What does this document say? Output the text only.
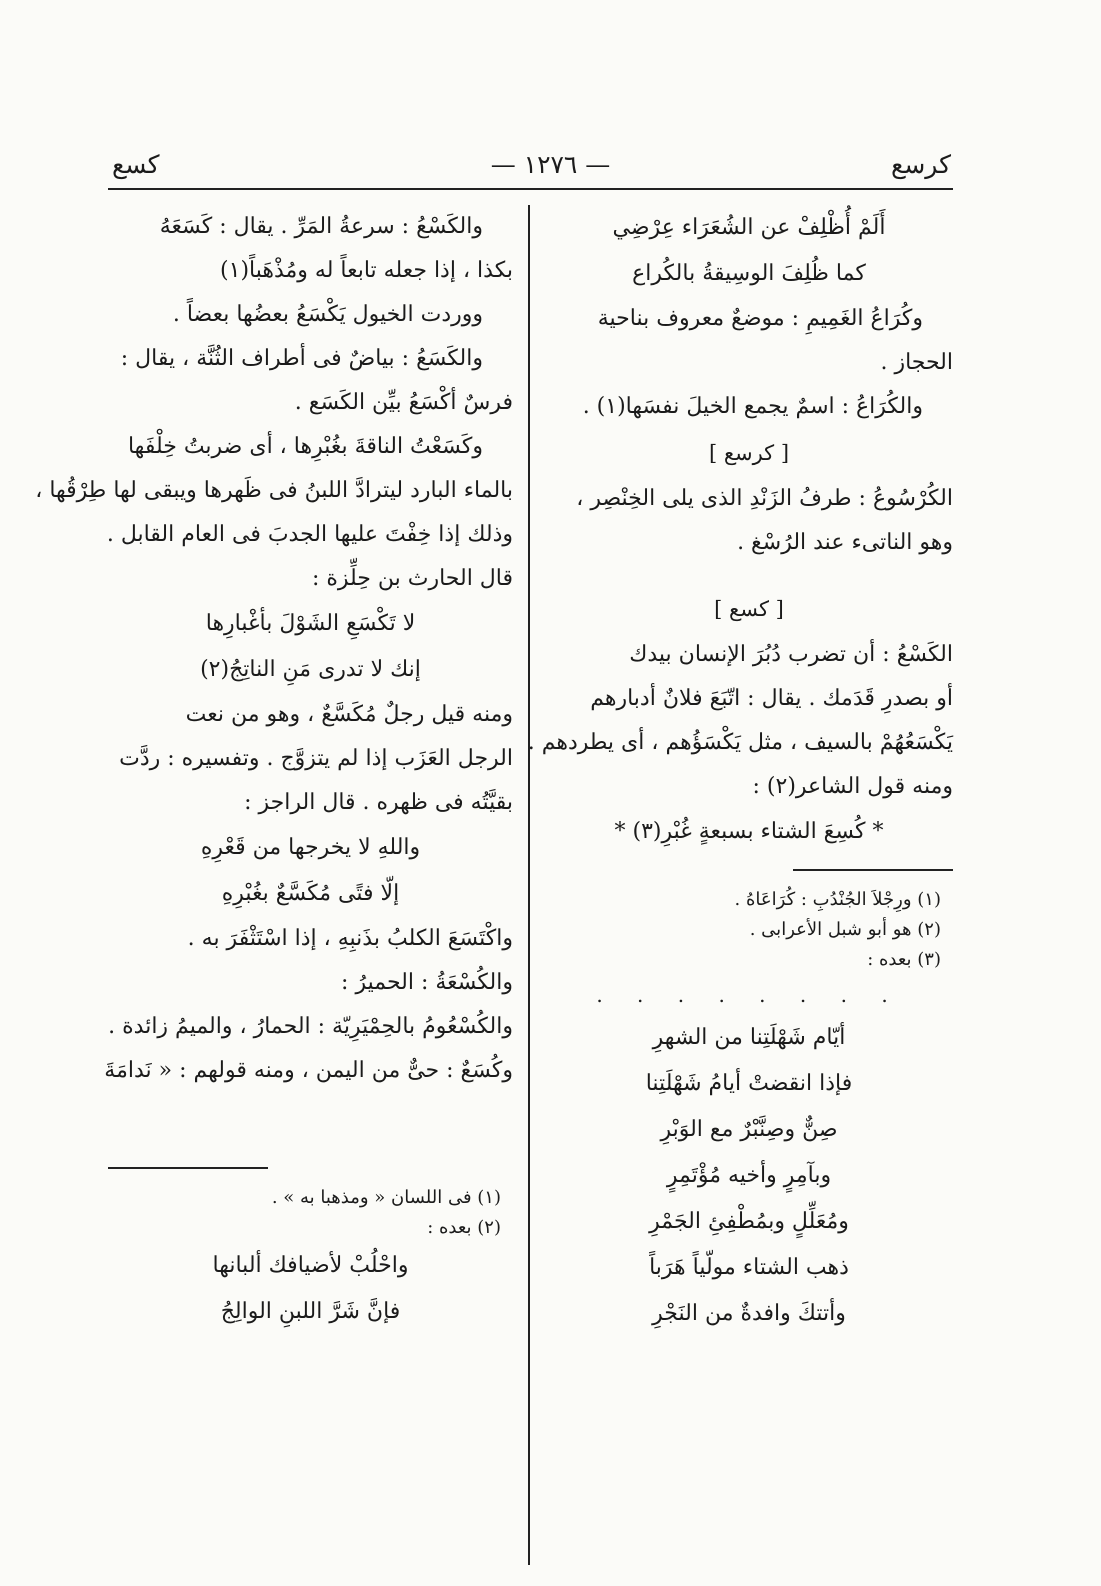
كرسع
— ١٢٧٦ —
كسع
أَلَمْ أُظْلِفْ عن الشُعَرَاء عِرْضِي
كما ظُلِفَ الوسِيقةُ بالكُراع
وكُرَاعُ الغَمِيمِ : موضعٌ معروف بناحية
الحجاز .
والكُرَاعُ : اسمٌ يجمع الخيلَ نفسَها(١) .
[ كرسع ]
الكُرْسُوعُ : طرفُ الزَنْدِ الذى يلى الخِنْصِر ،
وهو الناتىء عند الرُسْغ .
[ كسع ]
الكَسْعُ : أن تضرب دُبُرَ الإنسان بيدك
أو بصدرِ قَدَمك . يقال : اتّبَعَ فلانٌ أدبارهم
يَكْسَعُهُمْ بالسيف ، مثل يَكْسَؤُهم ، أى يطردهم .
ومنه قول الشاعر(٢) :
* كُسِعَ الشتاء بسبعةٍ غُبْرِ(٣) *
(١) ورِجْلاَ الجُنْدُبِ : كُرَاعَاهُ .
(٢) هو أبو شبل الأعرابى .
(٣) بعده :
. . . . . . . .
أيّام شَهْلَتِنا من الشهرِ
فإذا انقضتْ أيامُ شَهْلَتِنا
صِنٌّ وصِنَّبْرٌ مع الوَبْرِ
وبآمِرٍ وأخيه مُؤْتَمِرٍ
ومُعَلِّلٍ وبمُطْفِئِ الجَمْرِ
ذهب الشتاء مولّياً هَرَباً
وأتتكَ وافدةٌ من النَجْرِ
والكَسْعُ : سرعةُ المَرِّ . يقال : كَسَعَهُ
بكذا ، إذا جعله تابعاً له ومُذْهَباً(١)
ووردت الخيول يَكْسَعُ بعضُها بعضاً .
والكَسَعُ : بياضٌ فى أطراف الثُنَّة ، يقال :
فرسٌ أكْسَعُ بيِّن الكَسَع .
وكَسَعْتُ الناقةَ بغُبْرِها ، أى ضربتُ خِلْفَها
بالماء البارد ليترادَّ اللبنُ فى ظَهرها ويبقى لها طِرْقُها ،
وذلك إذا خِفْتَ عليها الجدبَ فى العام القابل .
قال الحارث بن حِلِّزة :
لا تَكْسَعِ الشَوْلَ بأغْبارِها
إنك لا تدرى مَنِ الناتِجُ(٢)
ومنه قيل رجلٌ مُكَسَّعٌ ، وهو من نعت
الرجل العَزَب إذا لم يتزوَّج . وتفسيره : ردَّت
بقيَّتُه فى ظهره . قال الراجز :
واللهِ لا يخرجها من قَعْرِهِ
إلّا فتًى مُكَسَّعٌ بغُبْرِهِ
واكْتَسَعَ الكلبُ بذَنبِهِ ، إذا اسْتَثْفَرَ به .
والكُسْعَةُ : الحميرُ :
والكُسْعُومُ بالحِمْيَرِيّة : الحمارُ ، والميمُ زائدة .
وكُسَعٌ : حىٌّ من اليمن ، ومنه قولهم : « نَدامَةَ
(١) فى اللسان « ومذهبا به » .
(٢) بعده :
واحْلُبْ لأضيافك ألبانها
فإنَّ شَرَّ اللبنِ الوالِجُ
